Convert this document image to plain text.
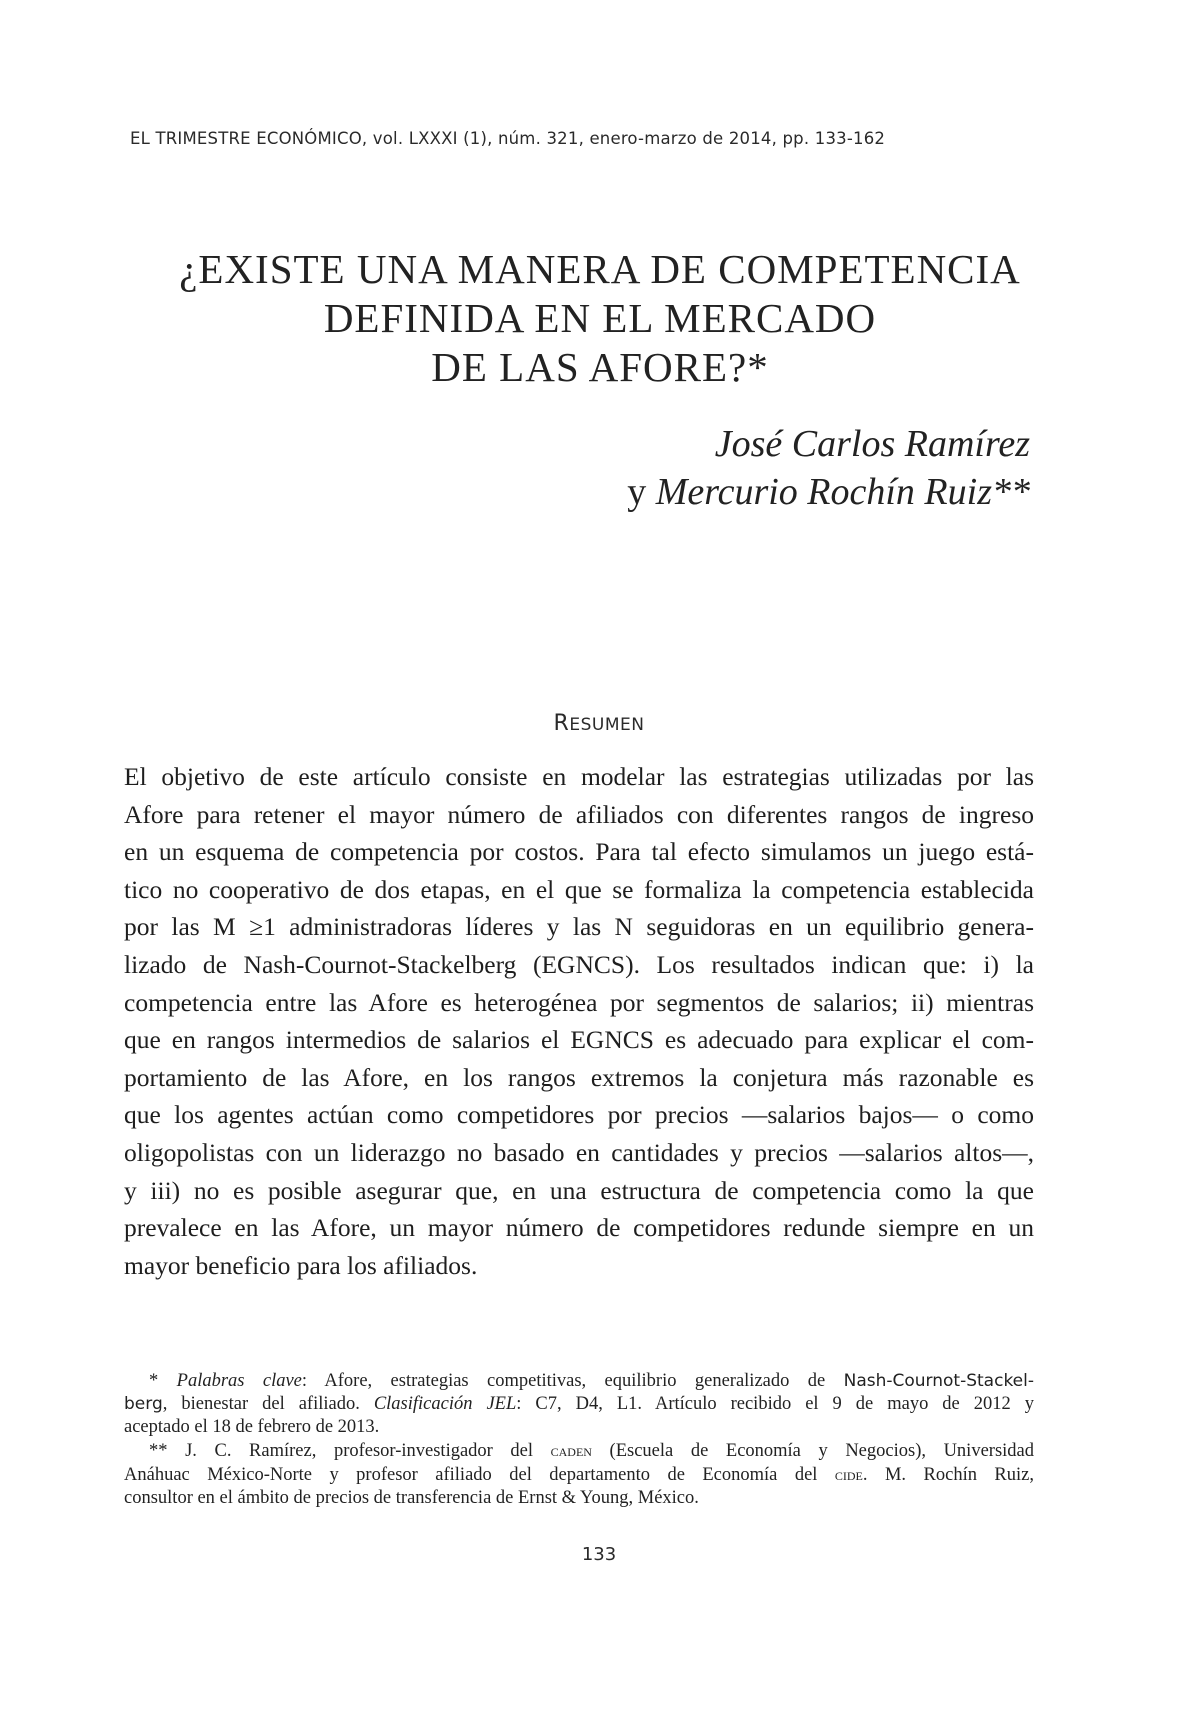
EL TRIMESTRE ECONÓMICO, vol. LXXXI (1), núm. 321, enero-marzo de 2014, pp. 133-162
¿EXISTE UNA MANERA DE COMPETENCIA
DEFINIDA EN EL MERCADO
DE LAS AFORE?*
José Carlos Ramírez
y Mercurio Rochín Ruiz**
RESUMEN
El objetivo de este artículo consiste en modelar las estrategias utilizadas por las
Afore para retener el mayor número de afiliados con diferentes rangos de ingreso
en un esquema de competencia por costos. Para tal efecto simulamos un juego está-
tico no cooperativo de dos etapas, en el que se formaliza la competencia establecida
por las M ≥1 administradoras líderes y las N seguidoras en un equilibrio genera-
lizado de Nash-Cournot-Stackelberg (EGNCS). Los resultados indican que: i) la
competencia entre las Afore es heterogénea por segmentos de salarios; ii) mientras
que en rangos intermedios de salarios el EGNCS es adecuado para explicar el com-
portamiento de las Afore, en los rangos extremos la conjetura más razonable es
que los agentes actúan como competidores por precios —salarios bajos— o como
oligopolistas con un liderazgo no basado en cantidades y precios —salarios altos—,
y iii) no es posible asegurar que, en una estructura de competencia como la que
prevalece en las Afore, un mayor número de competidores redunde siempre en un
mayor beneficio para los afiliados.
* Palabras clave: Afore, estrategias competitivas, equilibrio generalizado de Nash-Cournot-Stackel-
berg, bienestar del afiliado. Clasificación JEL: C7, D4, L1. Artículo recibido el 9 de mayo de 2012 y
aceptado el 18 de febrero de 2013.
** J. C. Ramírez, profesor-investigador del caden (Escuela de Economía y Negocios), Universidad
Anáhuac México-Norte y profesor afiliado del departamento de Economía del cide. M. Rochín Ruiz,
consultor en el ámbito de precios de transferencia de Ernst & Young, México.
133
